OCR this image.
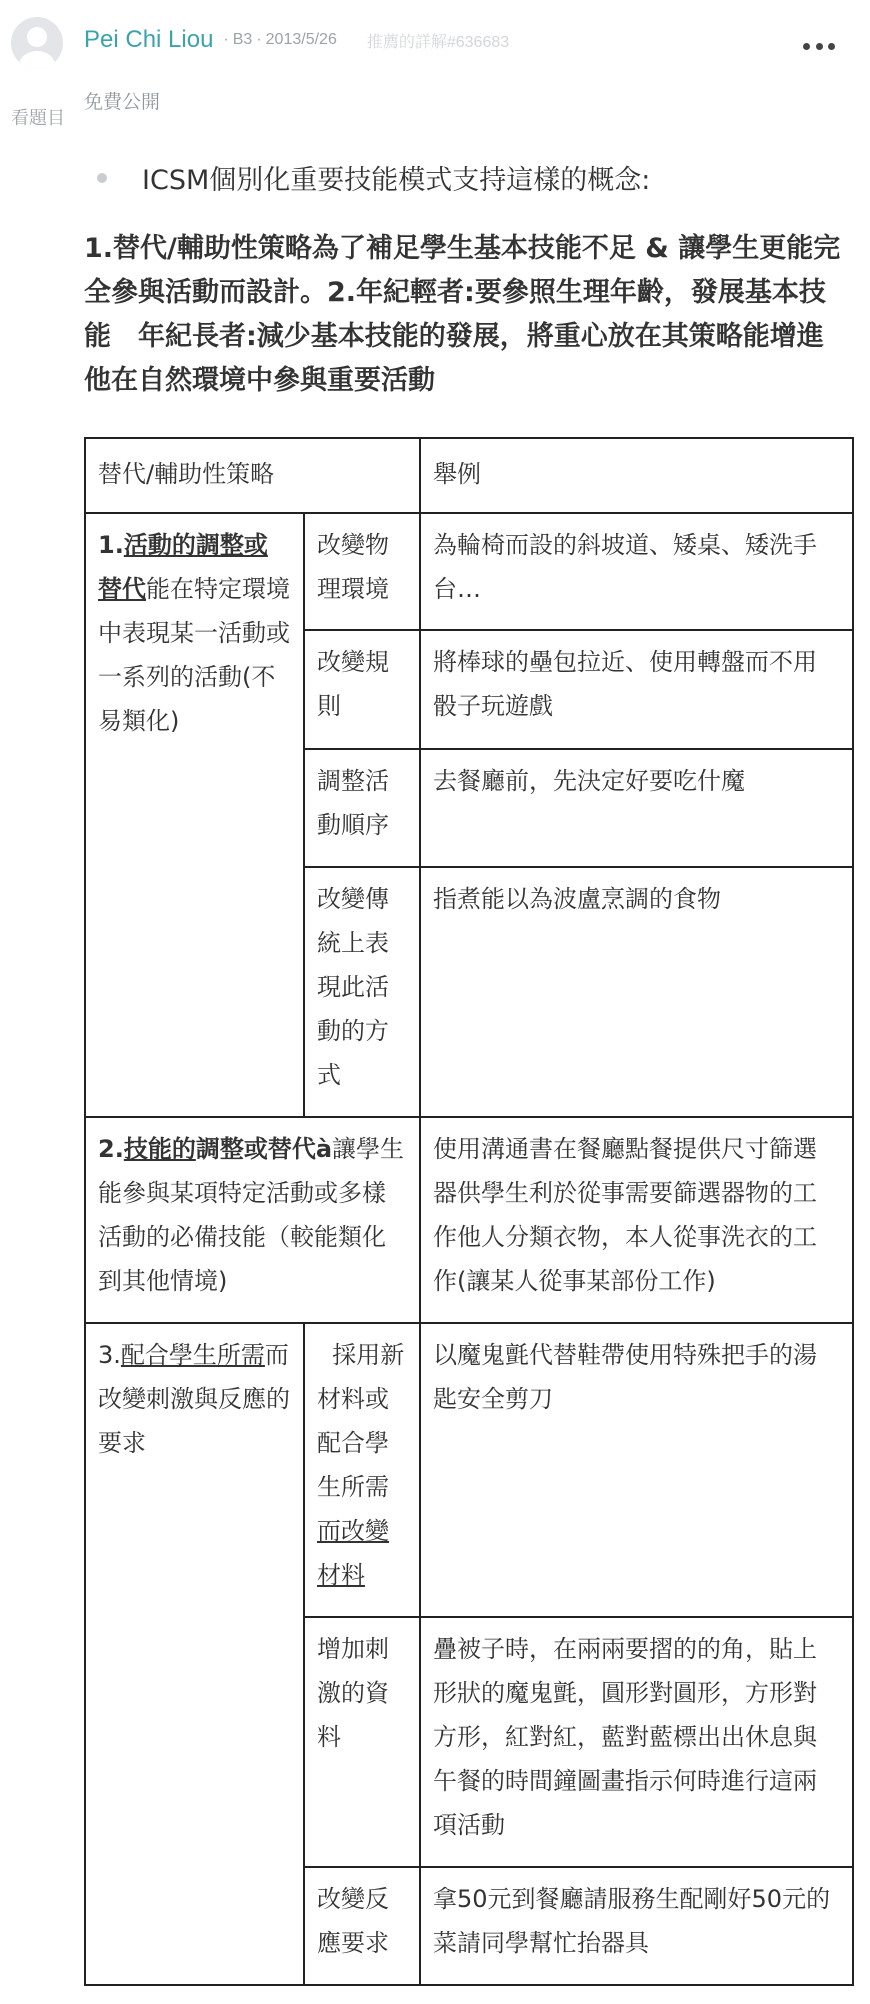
Pei Chi Liou · B3 · 2013/5/26 推薦的詳解#636683
看題目
免費公開
ICSM個別化重要技能模式支持這樣的概念:
1.替代/輔助性策略為了補足學生基本技能不足 & 讓學生更能完全參與活動而設計。2.年紀輕者:要參照生理年齡，發展基本技能　年紀長者:減少基本技能的發展，將重心放在其策略能增進他在自然環境中參與重要活動
替代/輔助性策略		舉例
1.活動的調整或替代能在特定環境中表現某一活動或一系列的活動(不易類化)	改變物理環境	為輪椅而設的斜坡道、矮桌、矮洗手台…
	改變規則	將棒球的壘包拉近、使用轉盤而不用骰子玩遊戲
	調整活動順序	去餐廳前，先決定好要吃什魔
	改變傳統上表現此活動的方式	指煮能以為波盧烹調的食物
2.技能的調整或替代à讓學生能參與某項特定活動或多樣活動的必備技能（較能類化到其他情境)		使用溝通書在餐廳點餐提供尺寸篩選器供學生利於從事需要篩選器物的工作他人分類衣物，本人從事洗衣的工作(讓某人從事某部份工作)
3.配合學生所需而改變刺激與反應的要求	採用新材料或配合學生所需而改變材料	以魔鬼氈代替鞋帶使用特殊把手的湯匙安全剪刀
	增加刺激的資料	疊被子時，在兩兩要摺的的角，貼上形狀的魔鬼氈，圓形對圓形，方形對方形，紅對紅，藍對藍標出出休息與午餐的時間鐘圖畫指示何時進行這兩項活動
	改變反應要求	拿50元到餐廳請服務生配剛好50元的菜請同學幫忙抬器具
